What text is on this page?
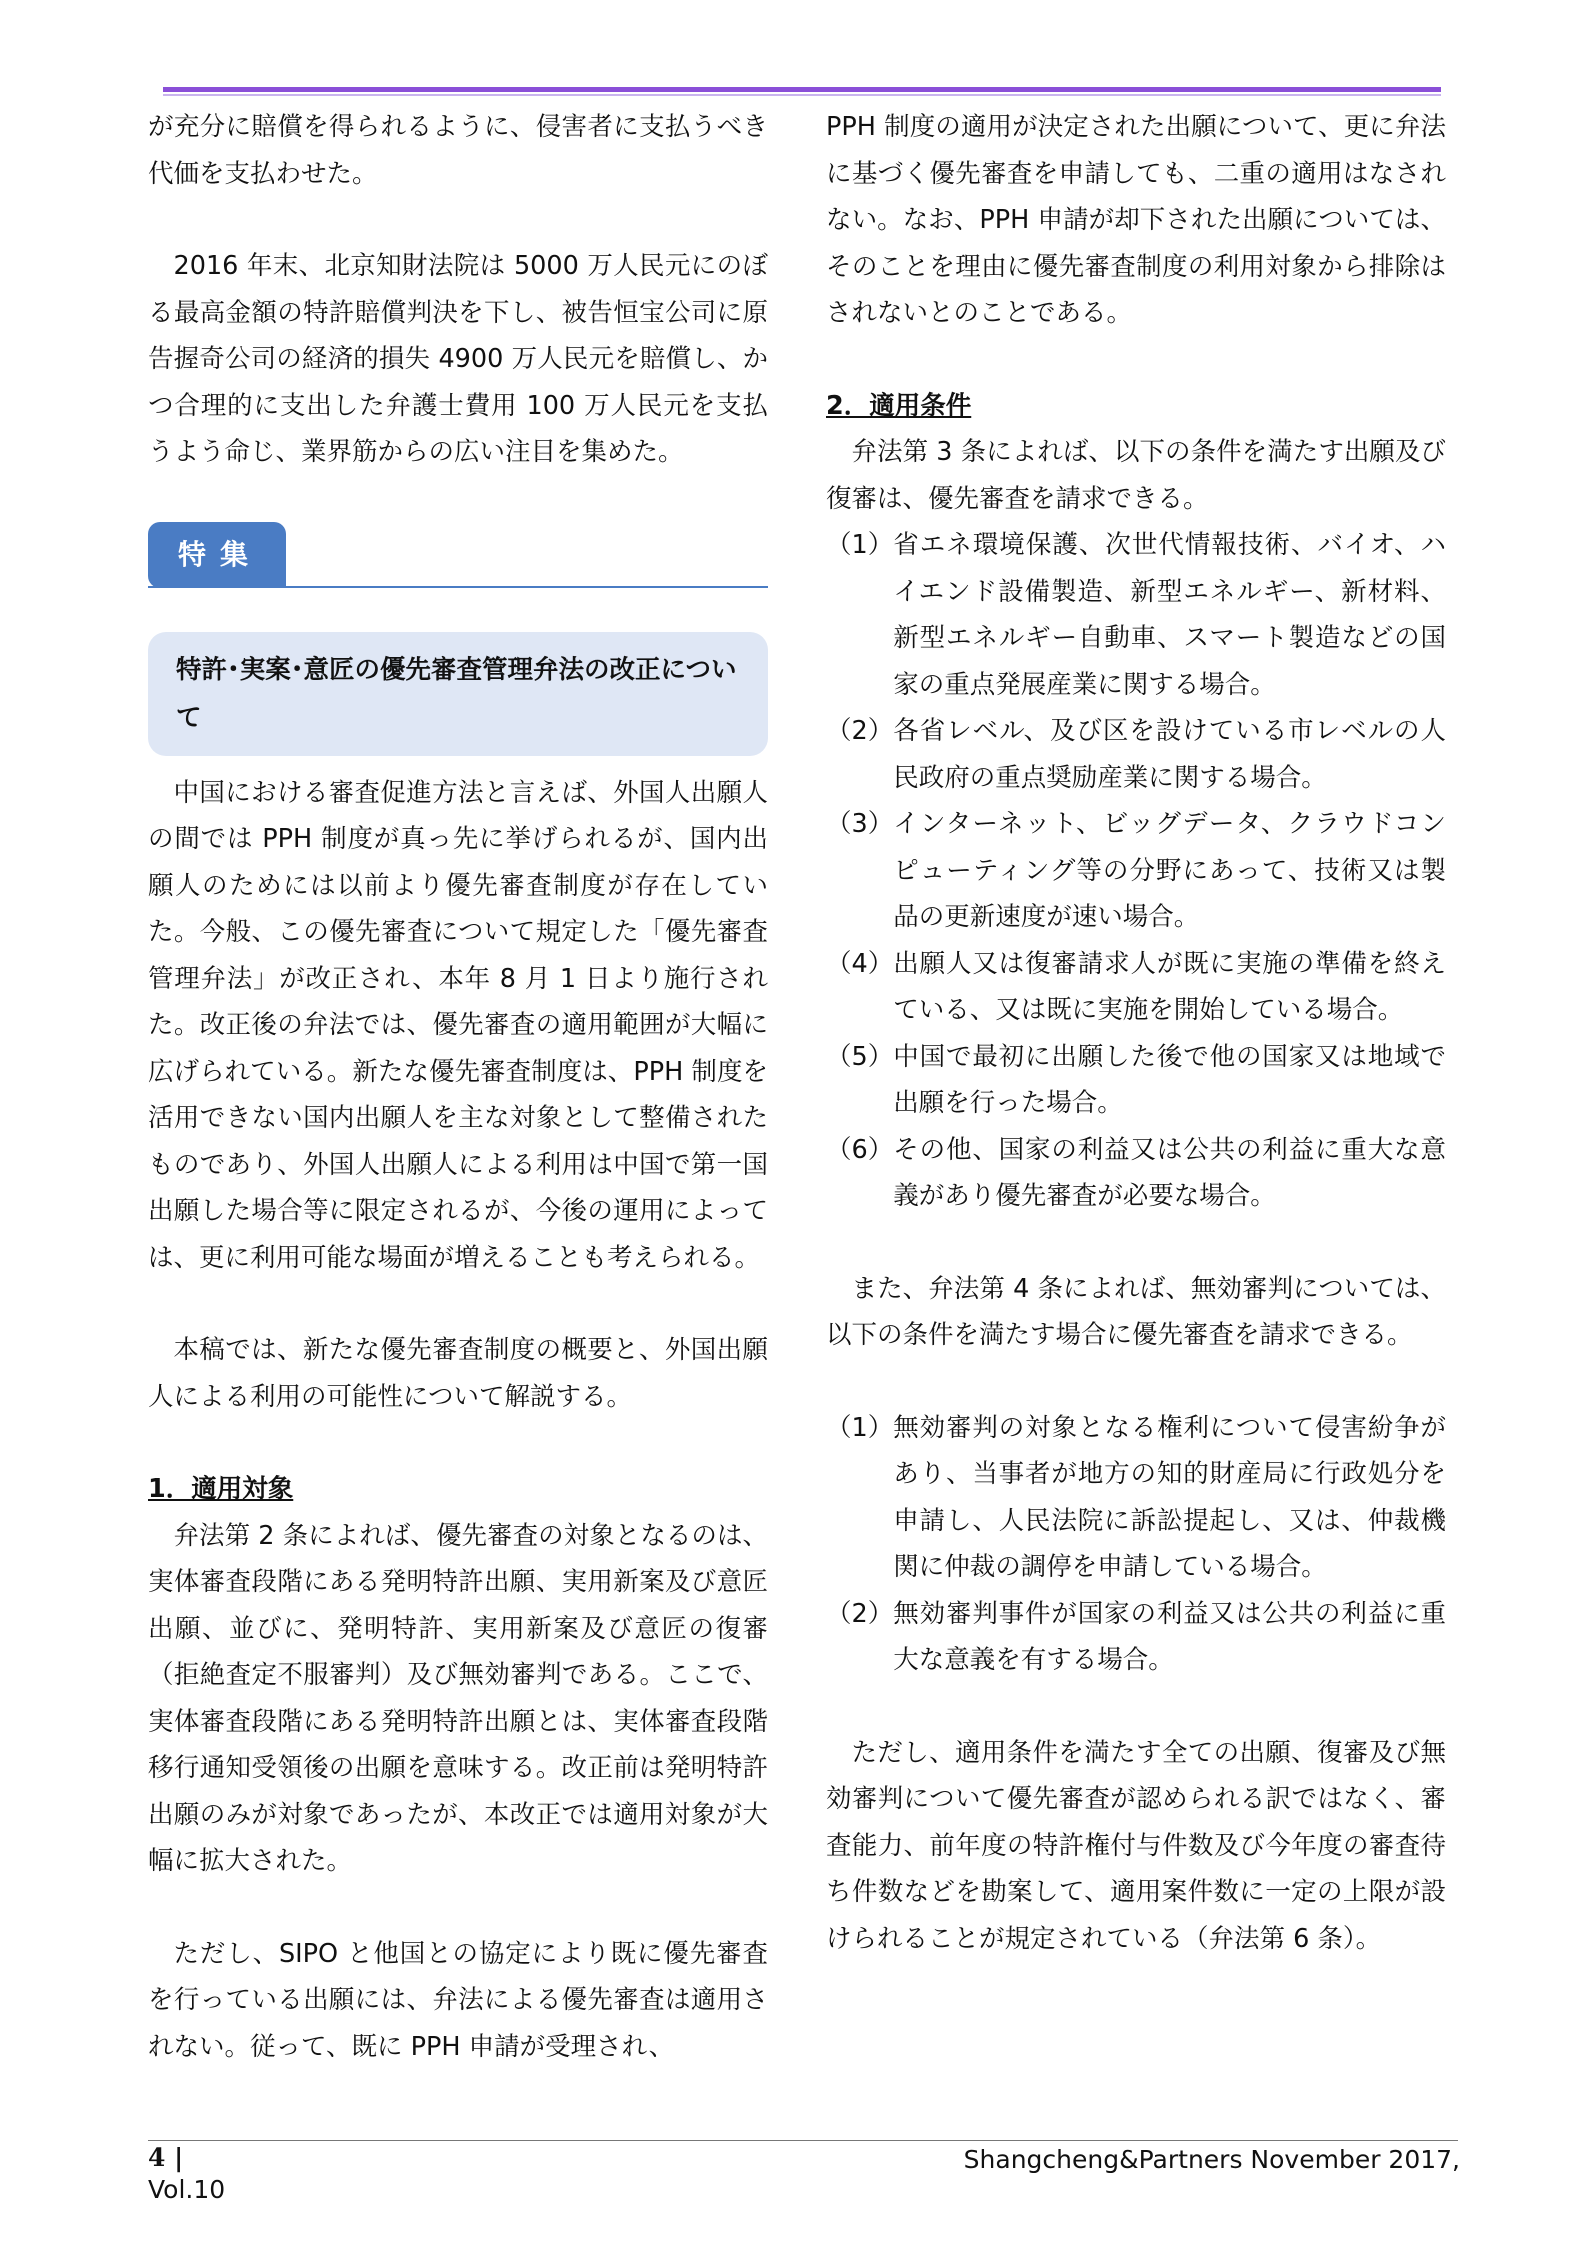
が充分に賠償を得られるように、侵害者に支払うべき代価を支払わせた。

2016 年末、北京知財法院は 5000 万人民元にのぼる最高金額の特許賠償判決を下し、被告恒宝公司に原告握奇公司の経済的損失 4900 万人民元を賠償し、かつ合理的に支出した弁護士費用 100 万人民元を支払うよう命じ、業界筋からの広い注目を集めた。

特集
特許･実案･意匠の優先審査管理弁法の改正について

中国における審査促進方法と言えば、外国人出願人の間では PPH 制度が真っ先に挙げられるが、国内出願人のためには以前より優先審査制度が存在していた。今般、この優先審査について規定した「優先審査管理弁法」が改正され、本年 8 月 1 日より施行された。改正後の弁法では、優先審査の適用範囲が大幅に広げられている。新たな優先審査制度は、PPH 制度を活用できない国内出願人を主な対象として整備されたものであり、外国人出願人による利用は中国で第一国出願した場合等に限定されるが、今後の運用によっては、更に利用可能な場面が増えることも考えられる。

本稿では、新たな優先審査制度の概要と、外国出願人による利用の可能性について解説する。

1．適用対象

弁法第 2 条によれば、優先審査の対象となるのは、実体審査段階にある発明特許出願、実用新案及び意匠出願、並びに、発明特許、実用新案及び意匠の復審（拒絶査定不服審判）及び無効審判である。ここで、実体審査段階にある発明特許出願とは、実体審査段階移行通知受領後の出願を意味する。改正前は発明特許出願のみが対象であったが、本改正では適用対象が大幅に拡大された。

ただし、SIPO と他国との協定により既に優先審査を行っている出願には、弁法による優先審査は適用されない。従って、既に PPH 申請が受理され、

PPH 制度の適用が決定された出願について、更に弁法に基づく優先審査を申請しても、二重の適用はなされない。なお、PPH 申請が却下された出願については、そのことを理由に優先審査制度の利用対象から排除はされないとのことである。

2．適用条件

弁法第 3 条によれば、以下の条件を満たす出願及び復審は、優先審査を請求できる。

（1） 省エネ環境保護、次世代情報技術、バイオ、ハイエンド設備製造、新型エネルギー、新材料、新型エネルギー自動車、スマート製造などの国家の重点発展産業に関する場合。
（2） 各省レベル、及び区を設けている市レベルの人民政府の重点奨励産業に関する場合。
（3） インターネット、ビッグデータ、クラウドコンピューティング等の分野にあって、技術又は製品の更新速度が速い場合。
（4） 出願人又は復審請求人が既に実施の準備を終えている、又は既に実施を開始している場合。
（5） 中国で最初に出願した後で他の国家又は地域で出願を行った場合。
（6） その他、国家の利益又は公共の利益に重大な意義があり優先審査が必要な場合。

また、弁法第 4 条によれば、無効審判については、以下の条件を満たす場合に優先審査を請求できる。

（1） 無効審判の対象となる権利について侵害紛争があり、当事者が地方の知的財産局に行政処分を申請し、人民法院に訴訟提起し、又は、仲裁機関に仲裁の調停を申請している場合。
（2） 無効審判事件が国家の利益又は公共の利益に重大な意義を有する場合。

ただし、適用条件を満たす全ての出願、復審及び無効審判について優先審査が認められる訳ではなく、審査能力、前年度の特許権付与件数及び今年度の審査待ち件数などを勘案して、適用案件数に一定の上限が設けられることが規定されている（弁法第 6 条）。

4 |
Vol.10
Shangcheng&Partners November 2017,
